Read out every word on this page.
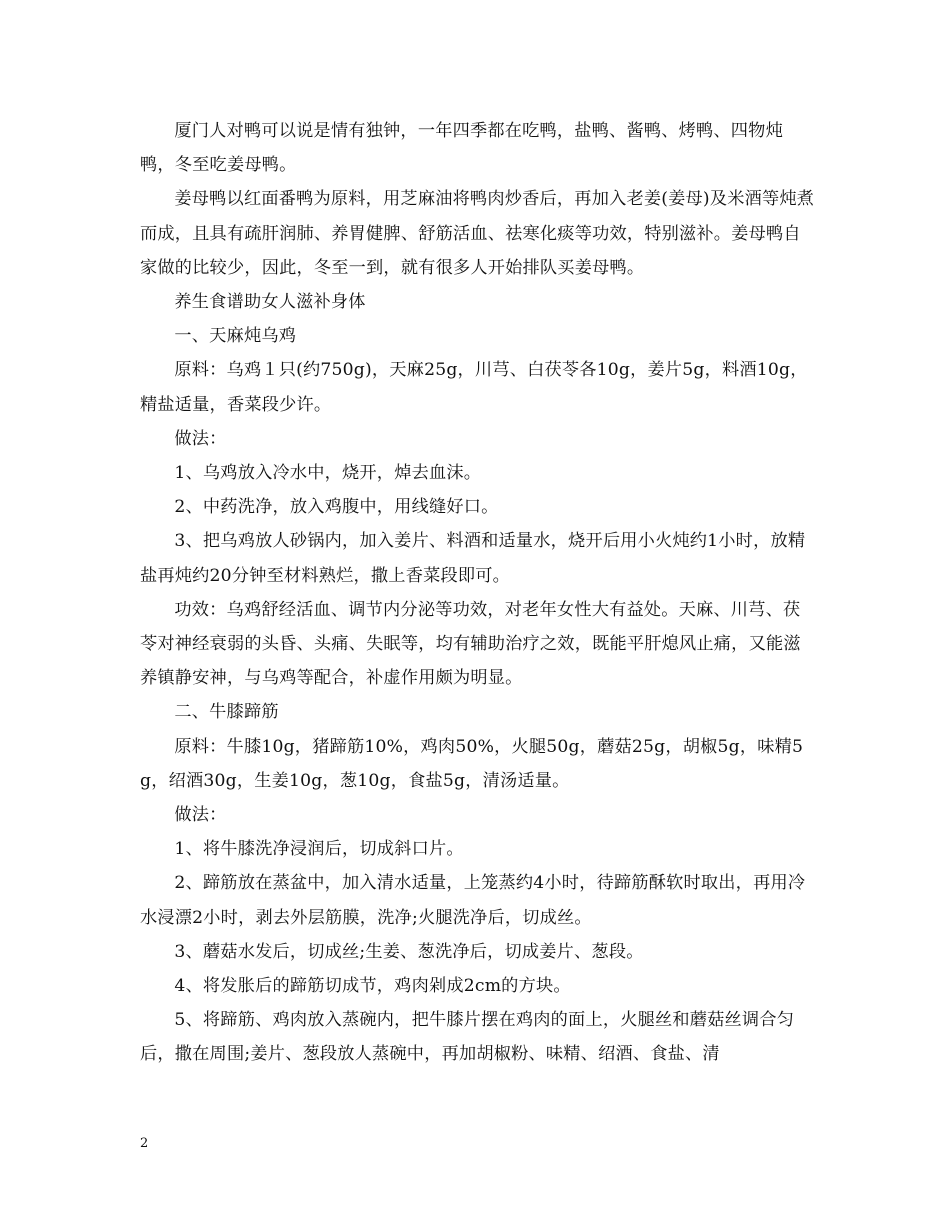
厦门人对鸭可以说是情有独钟，一年四季都在吃鸭，盐鸭、酱鸭、烤鸭、四物炖鸭，冬至吃姜母鸭。

姜母鸭以红面番鸭为原料，用芝麻油将鸭肉炒香后，再加入老姜(姜母)及米酒等炖煮而成，且具有疏肝润肺、养胃健脾、舒筋活血、祛寒化痰等功效，特别滋补。姜母鸭自家做的比较少，因此，冬至一到，就有很多人开始排队买姜母鸭。

养生食谱助女人滋补身体

一、天麻炖乌鸡

原料：乌鸡１只(约750g)，天麻25g，川芎、白茯苓各10g，姜片5g，料酒10g，精盐适量，香菜段少许。

做法：

1、乌鸡放入冷水中，烧开，焯去血沫。

2、中药洗净，放入鸡腹中，用线缝好口。

3、把乌鸡放人砂锅内，加入姜片、料酒和适量水，烧开后用小火炖约1小时，放精盐再炖约20分钟至材料熟烂，撒上香菜段即可。

功效：乌鸡舒经活血、调节内分泌等功效，对老年女性大有益处。天麻、川芎、茯苓对神经衰弱的头昏、头痛、失眠等，均有辅助治疗之效，既能平肝熄风止痛，又能滋养镇静安神，与乌鸡等配合，补虚作用颇为明显。

二、牛膝蹄筋

原料：牛膝10g，猪蹄筋10%，鸡肉50%，火腿50g，蘑菇25g，胡椒5g，味精5g，绍酒30g，生姜10g，葱10g，食盐5g，清汤适量。

做法：

1、将牛膝洗净浸润后，切成斜口片。

2、蹄筋放在蒸盆中，加入清水适量，上笼蒸约4小时，待蹄筋酥软时取出，再用冷水浸漂2小时，剥去外层筋膜，洗净;火腿洗净后，切成丝。

3、蘑菇水发后，切成丝;生姜、葱洗净后，切成姜片、葱段。

4、将发胀后的蹄筋切成节，鸡肉剁成2cm的方块。

5、将蹄筋、鸡肉放入蒸碗内，把牛膝片摆在鸡肉的面上，火腿丝和蘑菇丝调合匀后，撒在周围;姜片、葱段放人蒸碗中，再加胡椒粉、味精、绍酒、食盐、清

2
